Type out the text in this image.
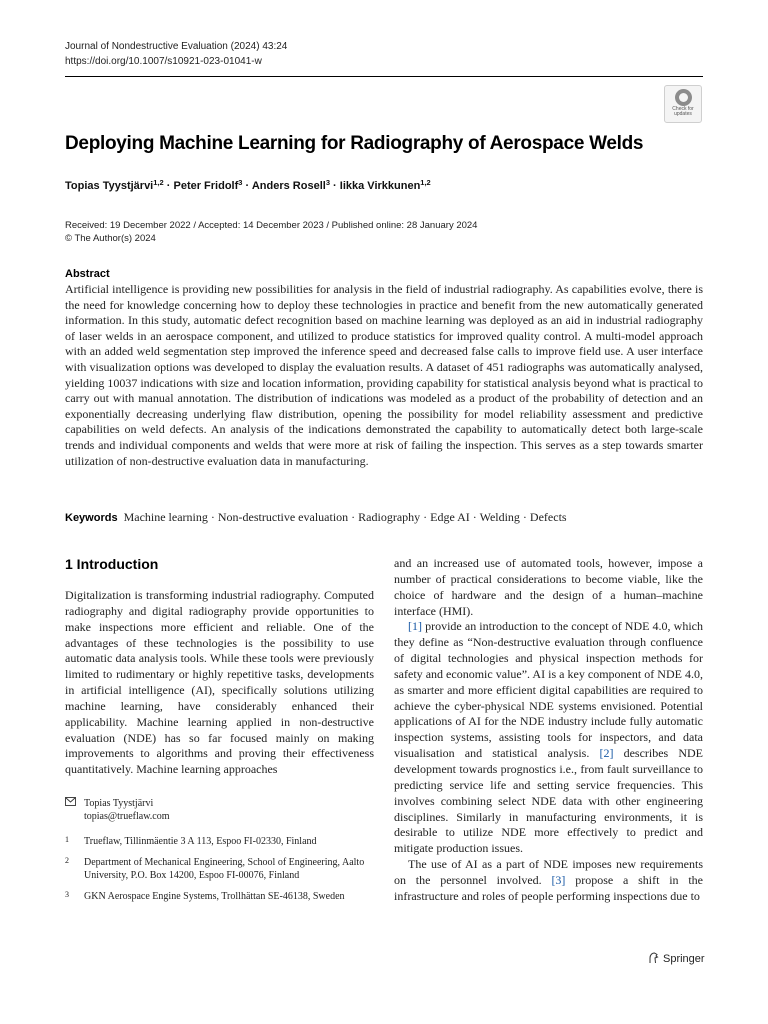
Journal of Nondestructive Evaluation (2024) 43:24
https://doi.org/10.1007/s10921-023-01041-w
Check for updates
Deploying Machine Learning for Radiography of Aerospace Welds
Topias Tyystjärvi$^{1,2}$ · Peter Fridolf$^3$ · Anders Rosell$^3$ · Iikka Virkkunen$^{1,2}$
Received: 19 December 2022 / Accepted: 14 December 2023 / Published online: 28 January 2024
© The Author(s) 2024
Abstract

Artificial intelligence is providing new possibilities for analysis in the field of industrial radiography. As capabilities evolve, there is the need for knowledge concerning how to deploy these technologies in practice and benefit from the new automatically generated information. In this study, automatic defect recognition based on machine learning was deployed as an aid in industrial radiography of laser welds in an aerospace component, and utilized to produce statistics for improved quality control. A multi-model approach with an added weld segmentation step improved the inference speed and decreased false calls to improve field use. A user interface with visualization options was developed to display the evaluation results. A dataset of 451 radiographs was automatically analysed, yielding 10037 indications with size and location information, providing capability for statistical analysis beyond what is practical to carry out with manual annotation. The distribution of indications was modeled as a product of the probability of detection and an exponentially decreasing underlying flaw distribution, opening the possibility for model reliability assessment and predictive capabilities on weld defects. An analysis of the indications demonstrated the capability to automatically detect both large-scale trends and individual components and welds that were more at risk of failing the inspection. This serves as a step towards smarter utilization of non-destructive evaluation data in manufacturing.

Keywords Machine learning · Non-destructive evaluation · Radiography · Edge AI · Welding · Defects
1 Introduction

Digitalization is transforming industrial radiography. Computed radiography and digital radiography provide opportunities to make inspections more efficient and reliable. One of the advantages of these technologies is the possibility to use automatic data analysis tools. While these tools were previously limited to rudimentary or highly repetitive tasks, developments in artificial intelligence (AI), specifically solutions utilizing machine learning, have considerably enhanced their applicability. Machine learning applied in non-destructive evaluation (NDE) has so far focused mainly on making improvements to algorithms and proving their effectiveness quantitatively. Machine learning approaches

Topias Tyystjärvi
topias@trueflaw.com
1	Trueflaw, Tillinmäentie 3 A 113, Espoo FI-02330, Finland
2	Department of Mechanical Engineering, School of Engineering, Aalto University, P.O. Box 14200, Espoo FI-00076, Finland
3	GKN Aerospace Engine Systems, Trollhättan SE-46138, Sweden

and an increased use of automated tools, however, impose a number of practical considerations to become viable, like the choice of hardware and the design of a human–machine interface (HMI).

[1] provide an introduction to the concept of NDE 4.0, which they define as “Non-destructive evaluation through confluence of digital technologies and physical inspection methods for safety and economic value”. AI is a key component of NDE 4.0, as smarter and more efficient digital capabilities are required to achieve the cyber-physical NDE systems envisioned. Potential applications of AI for the NDE industry include fully automatic inspection systems, assisting tools for inspectors, and data visualisation and statistical analysis. [2] describes NDE development towards prognostics i.e., from fault surveillance to predicting service life and setting service frequencies. This involves combining select NDE data with other engineering disciplines. Similarly in manufacturing environments, it is desirable to utilize NDE more effectively to predict and mitigate production issues.

The use of AI as a part of NDE imposes new requirements on the personnel involved. [3] propose a shift in the infrastructure and roles of people performing inspections due to

Springer
